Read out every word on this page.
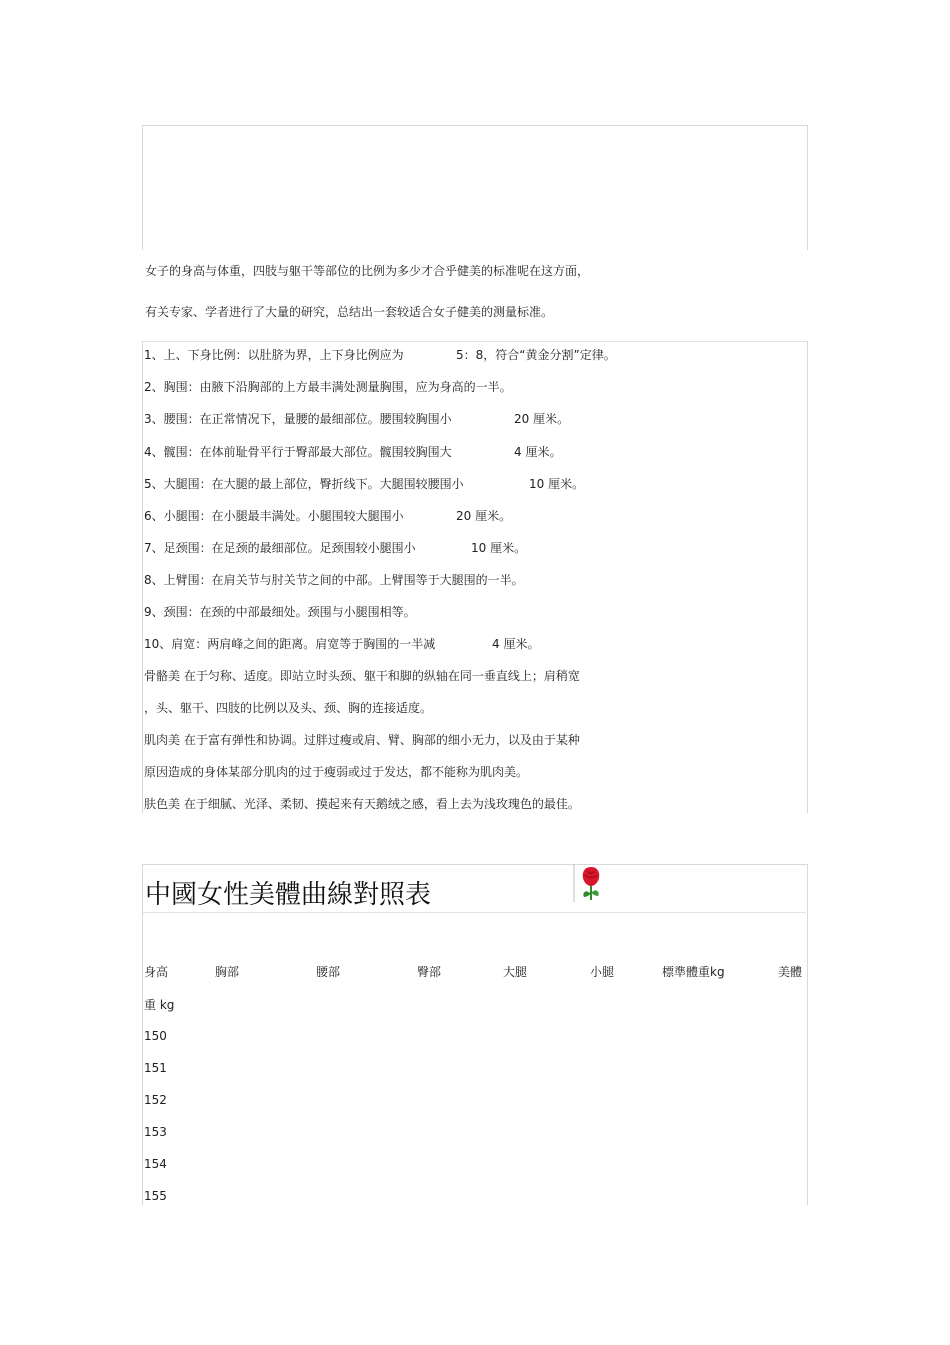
女子的身高与体重，四肢与躯干等部位的比例为多少才合乎健美的标准呢在这方面，
有关专家、学者进行了大量的研究，总结出一套较适合女子健美的测量标准。
1、上、下身比例：以肚脐为界，上下身比例应为	5：8，符合“黄金分割”定律。
2、胸围：由腋下沿胸部的上方最丰满处测量胸围，应为身高的一半。
3、腰围：在正常情况下，量腰的最细部位。腰围较胸围小	20 厘米。
4、髋围：在体前耻骨平行于臀部最大部位。髋围较胸围大	4 厘米。
5、大腿围：在大腿的最上部位，臀折线下。大腿围较腰围小	10 厘米。
6、小腿围：在小腿最丰满处。小腿围较大腿围小	20 厘米。
7、足颈围：在足颈的最细部位。足颈围较小腿围小	10 厘米。
8、上臂围：在肩关节与肘关节之间的中部。上臂围等于大腿围的一半。
9、颈围：在颈的中部最细处。颈围与小腿围相等。
10、肩宽：两肩峰之间的距离。肩宽等于胸围的一半减	4 厘米。
骨骼美 在于匀称、适度。即站立时头颈、躯干和脚的纵轴在同一垂直线上；肩稍宽
，头、躯干、四肢的比例以及头、颈、胸的连接适度。
肌肉美 在于富有弹性和协调。过胖过瘦或肩、臂、胸部的细小无力，以及由于某种
原因造成的身体某部分肌肉的过于瘦弱或过于发达，都不能称为肌肉美。
肤色美 在于细腻、光泽、柔韧、摸起来有天鹅绒之感，看上去为浅玫瑰色的最佳。
中國女性美體曲線對照表
身高	胸部	腰部	臀部	大腿	小腿	標準體重kg	美體
重 kg
150
151
152
153
154
155
